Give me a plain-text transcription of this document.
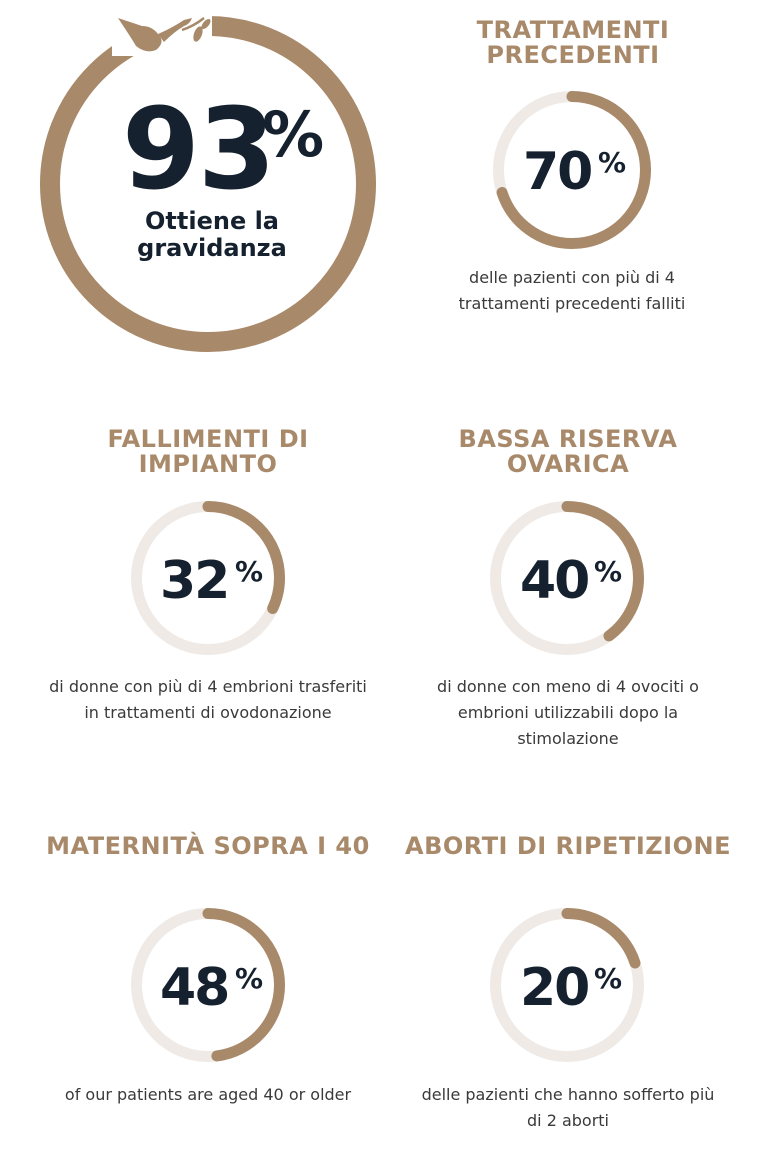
93
%
Ottiene la gravidanza
TRATTAMENTI PRECEDENTI
70 %
delle pazienti con più di 4 trattamenti precedenti falliti
FALLIMENTI DI IMPIANTO
32 %
di donne con più di 4 embrioni trasferiti in trattamenti di ovodonazione
BASSA RISERVA OVARICA
40 %
di donne con meno di 4 ovociti o embrioni utilizzabili dopo la stimolazione
MATERNITÀ SOPRA I 40
48 %
of our patients are aged 40 or older
ABORTI DI RIPETIZIONE
20 %
delle pazienti che hanno sofferto più di 2 aborti
